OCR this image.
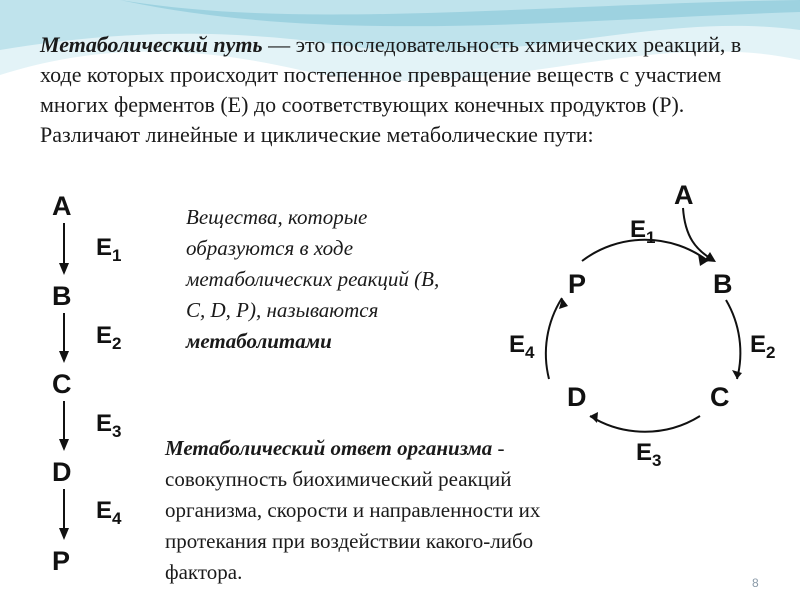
Метаболический путь — это последовательность химических реакций, в ходе которых происходит постепенное превращение веществ с участием многих ферментов (Е) до соответствующих конечных продуктов (Р). Различают линейные и циклические метаболические пути:

A
B
C
D
P
$E_1$
$E_2$
$E_3$
$E_4$

Вещества, которые образуются в ходе метаболических реакций (B, C, D, P), называются метаболитами

A
B
C
D
P
$E_1$
$E_2$
$E_3$
$E_4$

Метаболический ответ организма - совокупность биохимический реакций организма, скорости и направленности их протекания при воздействии какого-либо фактора.	8
